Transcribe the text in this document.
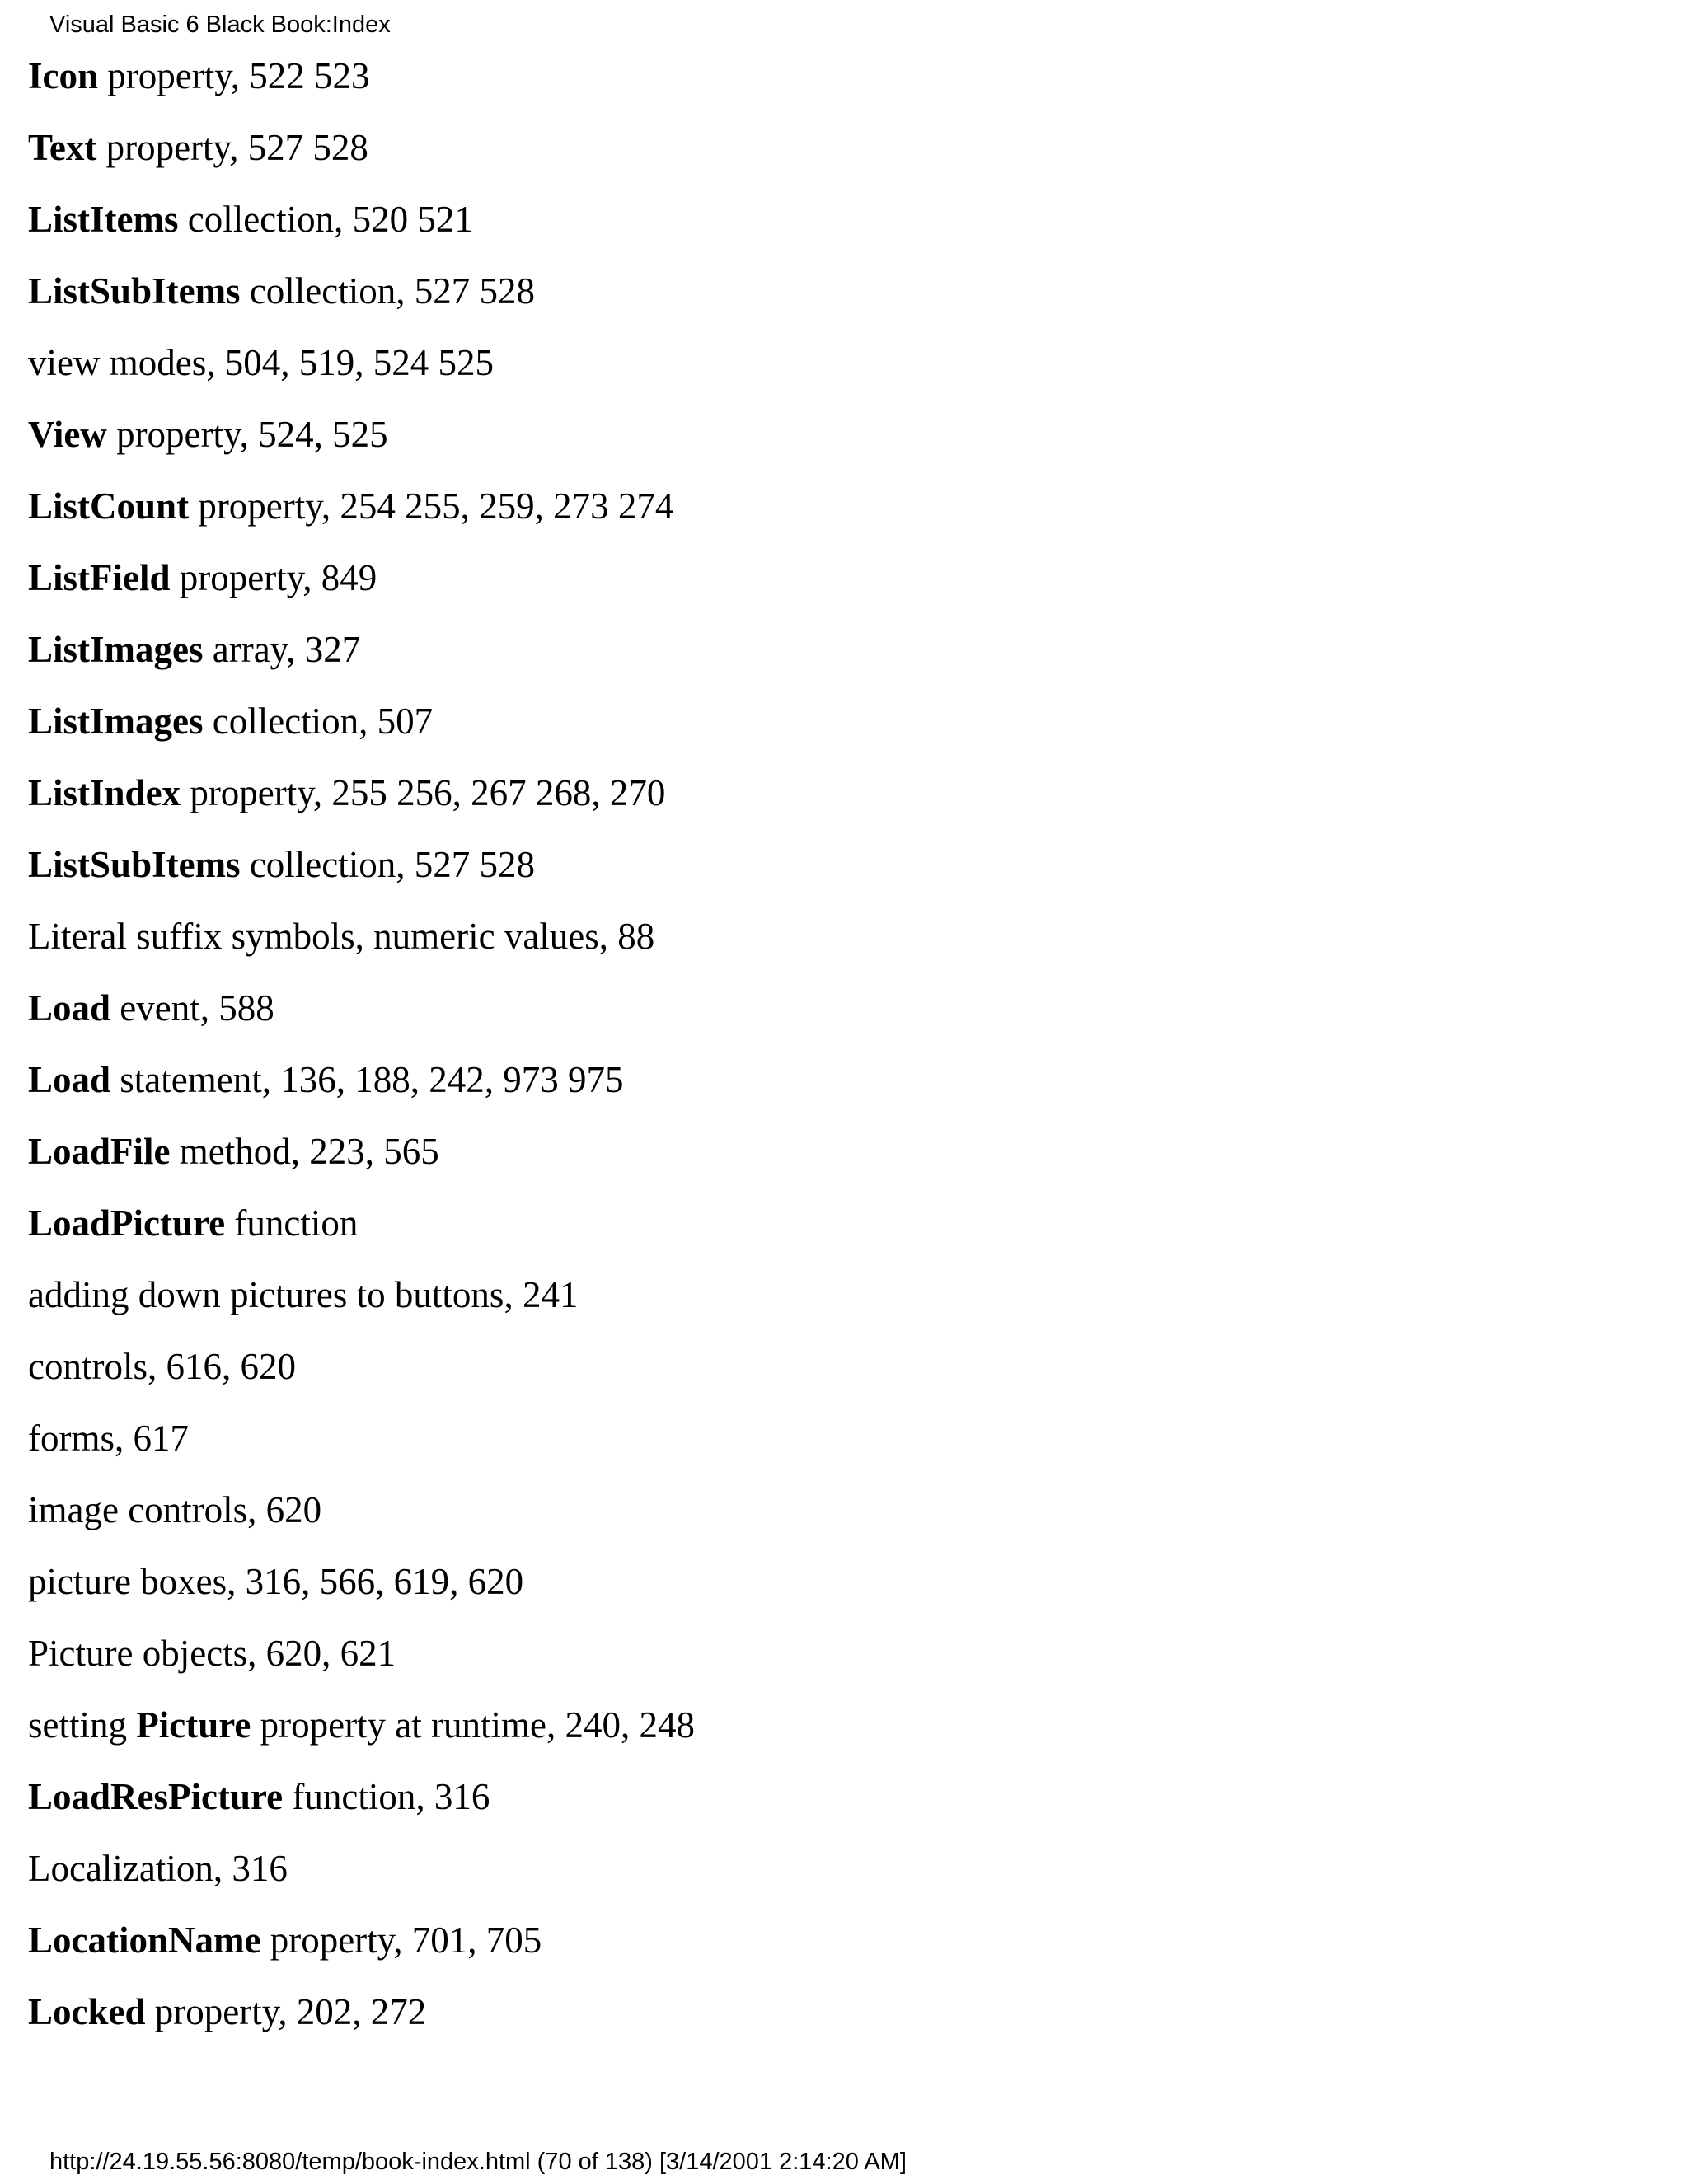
Visual Basic 6 Black Book:Index
Icon property, 522 523
Text property, 527 528
ListItems collection, 520 521
ListSubItems collection, 527 528
view modes, 504, 519, 524 525
View property, 524, 525
ListCount property, 254 255, 259, 273 274
ListField property, 849
ListImages array, 327
ListImages collection, 507
ListIndex property, 255 256, 267 268, 270
ListSubItems collection, 527 528
Literal suffix symbols, numeric values, 88
Load event, 588
Load statement, 136, 188, 242, 973 975
LoadFile method, 223, 565
LoadPicture function
adding down pictures to buttons, 241
controls, 616, 620
forms, 617
image controls, 620
picture boxes, 316, 566, 619, 620
Picture objects, 620, 621
setting Picture property at runtime, 240, 248
LoadResPicture function, 316
Localization, 316
LocationName property, 701, 705
Locked property, 202, 272
http://24.19.55.56:8080/temp/book-index.html (70 of 138) [3/14/2001 2:14:20 AM]
